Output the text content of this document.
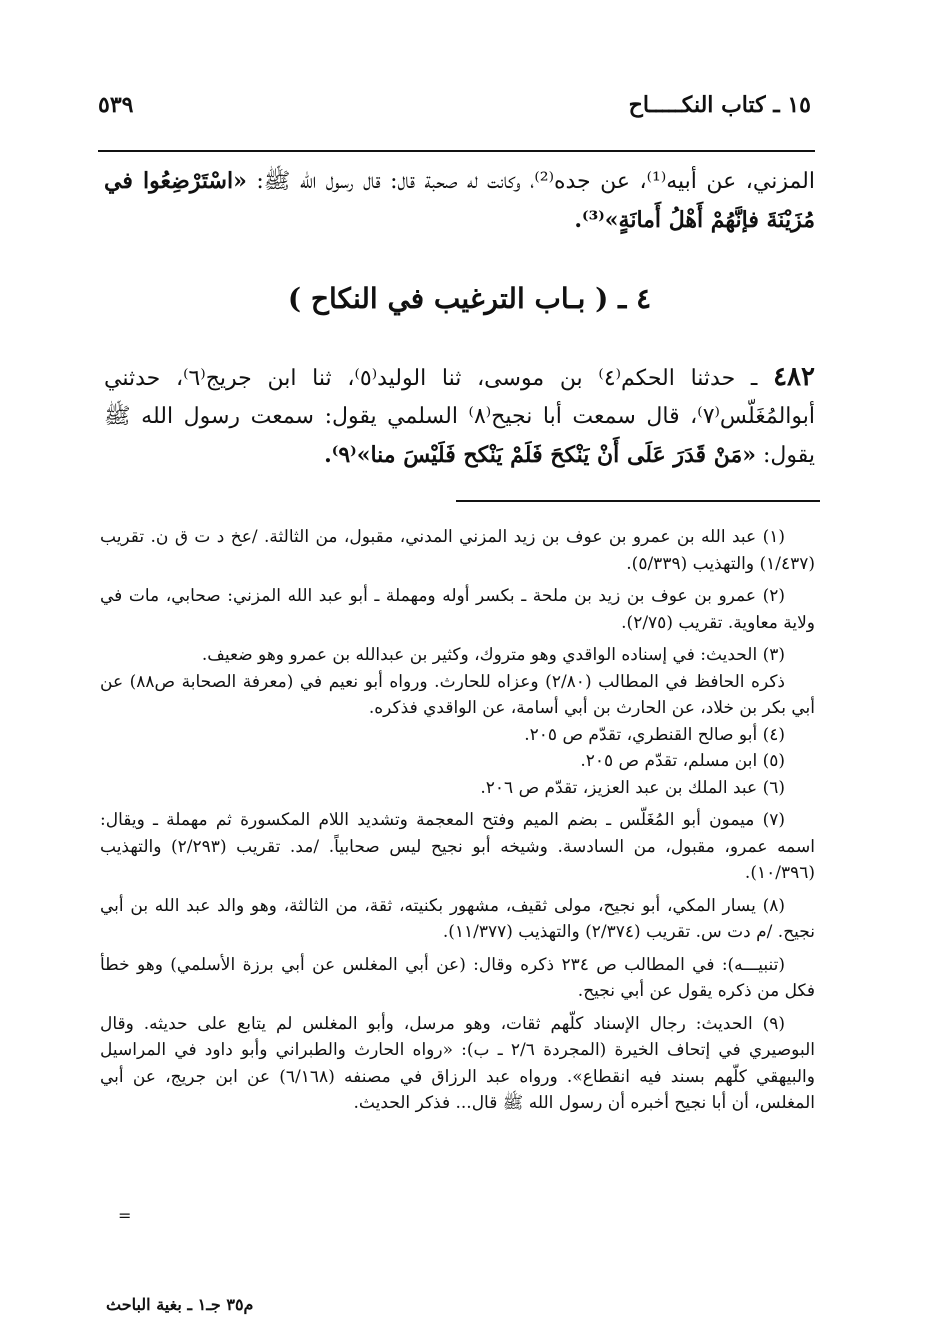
١٥ ـ كتاب النكـــــاح
٥٣٩
المزني، عن أبيه⁽¹⁾، عن جده⁽²⁾، وكانت له صحبة قال: قال رسول الله ﷺ: «اسْتَرْضِعُوا في مُزَيْنَةَ فإنَّهُمْ أَهْلُ أَمانَةٍ»⁽³⁾.
٤ ـ ( بـاب الترغيب في النكاح )
٤٨٢ ـ حدثنا الحكم⁽٤⁾ بن موسى، ثنا الوليد⁽٥⁾، ثنا ابن جريج⁽٦⁾، حدثني أبوالمُغَلّس⁽٧⁾، قال سمعت أبا نجيح⁽٨⁾ السلمي يقول: سمعت رسول الله ﷺ يقول: «مَنْ قَدَرَ عَلَى أَنْ يَنْكحَ فَلَمْ يَنْكح فَلَيْسَ منا»⁽٩⁾.

(١) عبد الله بن عمرو بن عوف بن زيد المزني المدني، مقبول، من الثالثة. /عخ د ت ق ن. تقريب (١/٤٣٧) والتهذيب (٥/٣٣٩).

(٢) عمرو بن عوف بن زيد بن ملحة ـ بكسر أوله ومهملة ـ أبو عبد الله المزني: صحابي، مات في ولاية معاوية. تقريب (٢/٧٥).

(٣) الحديث: في إسناده الواقدي وهو متروك، وكثير بن عبدالله بن عمرو وهو ضعيف.

ذكره الحافظ في المطالب (٢/٨٠) وعزاه للحارث. ورواه أبو نعيم في (معرفة الصحابة ص٨٨) عن أبي بكر بن خلاد، عن الحارث بن أبي أسامة، عن الواقدي فذكره.

(٤) أبو صالح القنطري، تقدّم ص ٢٠٥.

(٥) ابن مسلم، تقدّم ص ٢٠٥.

(٦) عبد الملك بن عبد العزيز، تقدّم ص ٢٠٦.

(٧) ميمون أبو المُغَلّس ـ بضم الميم وفتح المعجمة وتشديد اللام المكسورة ثم مهملة ـ ويقال: اسمه عمرو، مقبول، من السادسة. وشيخه أبو نجيح ليس صحابياً. /مد. تقريب (٢/٢٩٣) والتهذيب (١٠/٣٩٦).

(٨) يسار المكي، أبو نجيح، مولى ثقيف، مشهور بكنيته، ثقة، من الثالثة، وهو والد عبد الله بن أبي نجيح. /م دت س. تقريب (٢/٣٧٤) والتهذيب (١١/٣٧٧).

(تنبيـــه): في المطالب ص ٢٣٤ ذكره وقال: (عن أبي المغلس عن أبي برزة الأسلمي) وهو خطأ فكل من ذكره يقول عن أبي نجيح.

(٩) الحديث: رجال الإسناد كلّهم ثقات، وهو مرسل، وأبو المغلس لم يتابع على حديثه. وقال البوصيري في إتحاف الخيرة (المجردة ٢/٦ ـ ب): «رواه الحارث والطبراني وأبو داود في المراسيل والبيهقي كلّهم بسند فيه انقطاع». ورواه عبد الرزاق في مصنفه (٦/١٦٨) عن ابن جريج، عن أبي المغلس، أن أبا نجيح أخبره أن رسول الله ﷺ قال... فذكر الحديث.

=
م٣٥ جـ١ ـ بغية الباحث
